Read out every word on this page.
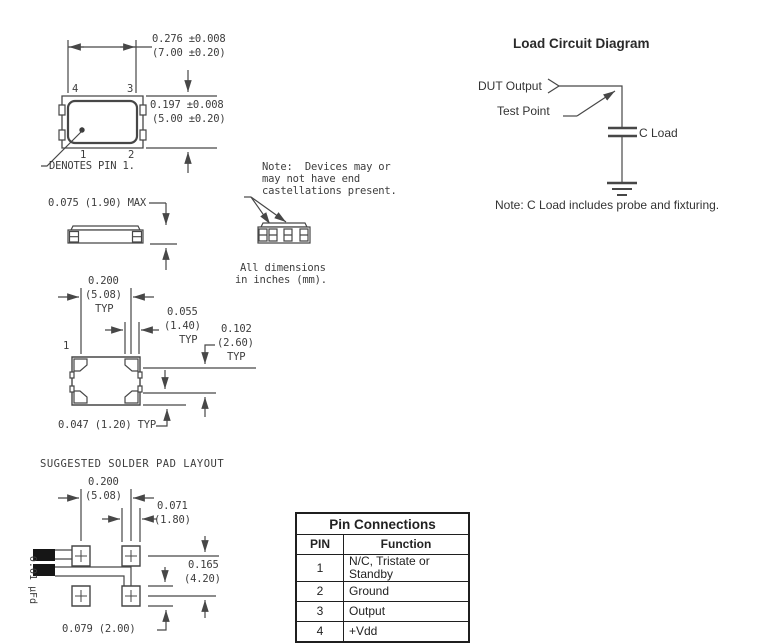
0.276 ±0.008
(7.00 ±0.20)
0.197 ±0.008
(5.00 ±0.20)
4	3
1	2
DENOTES PIN 1.
0.075 (1.90) MAX
Note:  Devices may or
may not have end
castellations present.
All dimensions
in inches (mm).
0.200
(5.08)
TYP	0.055
(1.40)
TYP
0.102
(2.60)
TYP
1
0.047 (1.20) TYP
SUGGESTED SOLDER PAD LAYOUT
0.200
(5.08)
0.071
(1.80)
0.165
(4.20)
0.079 (2.00)
0.01 µFd
Load Circuit Diagram
DUT Output
Test Point
C Load
Note: C Load includes probe and fixturing.
Pin Connections	
PIN	Function
1	N/C, Tristate or Standby
2	Ground
3	Output
4	+Vdd
